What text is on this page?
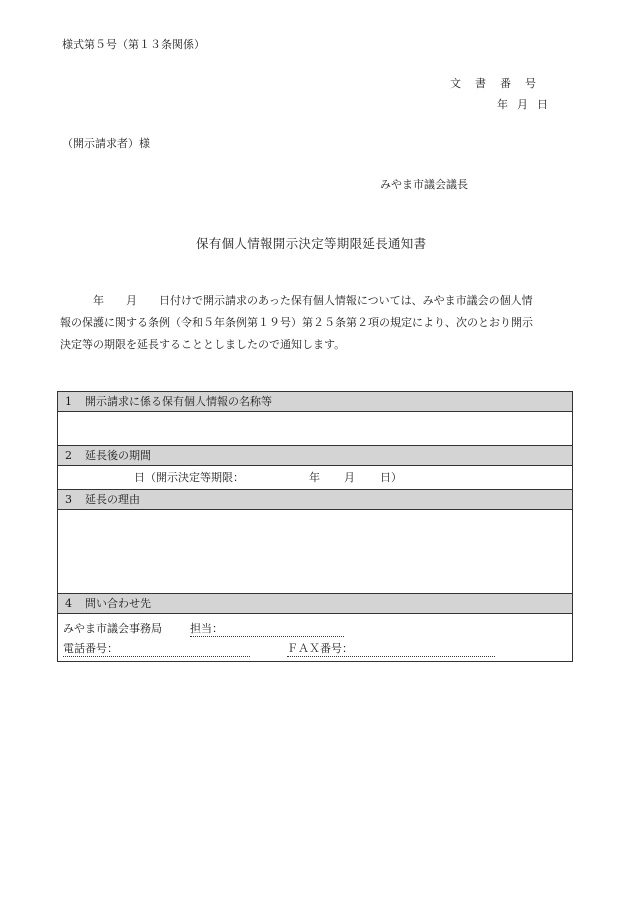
様式第５号（第１３条関係）
文書番号
年月日
（開示請求者）様
みやま市議会議長
保有個人情報開示決定等期限延長通知書
　　　年　　月　　日付けで開示請求のあった保有個人情報については、みやま市議会の個人情
報の保護に関する条例（令和５年条例第１９号）第２５条第２項の規定により、次のとおり開示
決定等の期限を延長することとしましたので通知します。
1 開示請求に係る保有個人情報の名称等
2 延長後の期間
日（開示決定等期限：	年 月 日）
3 延長の理由
4 問い合わせ先
みやま市議会事務局	担当：
電話番号：	ＦＡＸ番号：
